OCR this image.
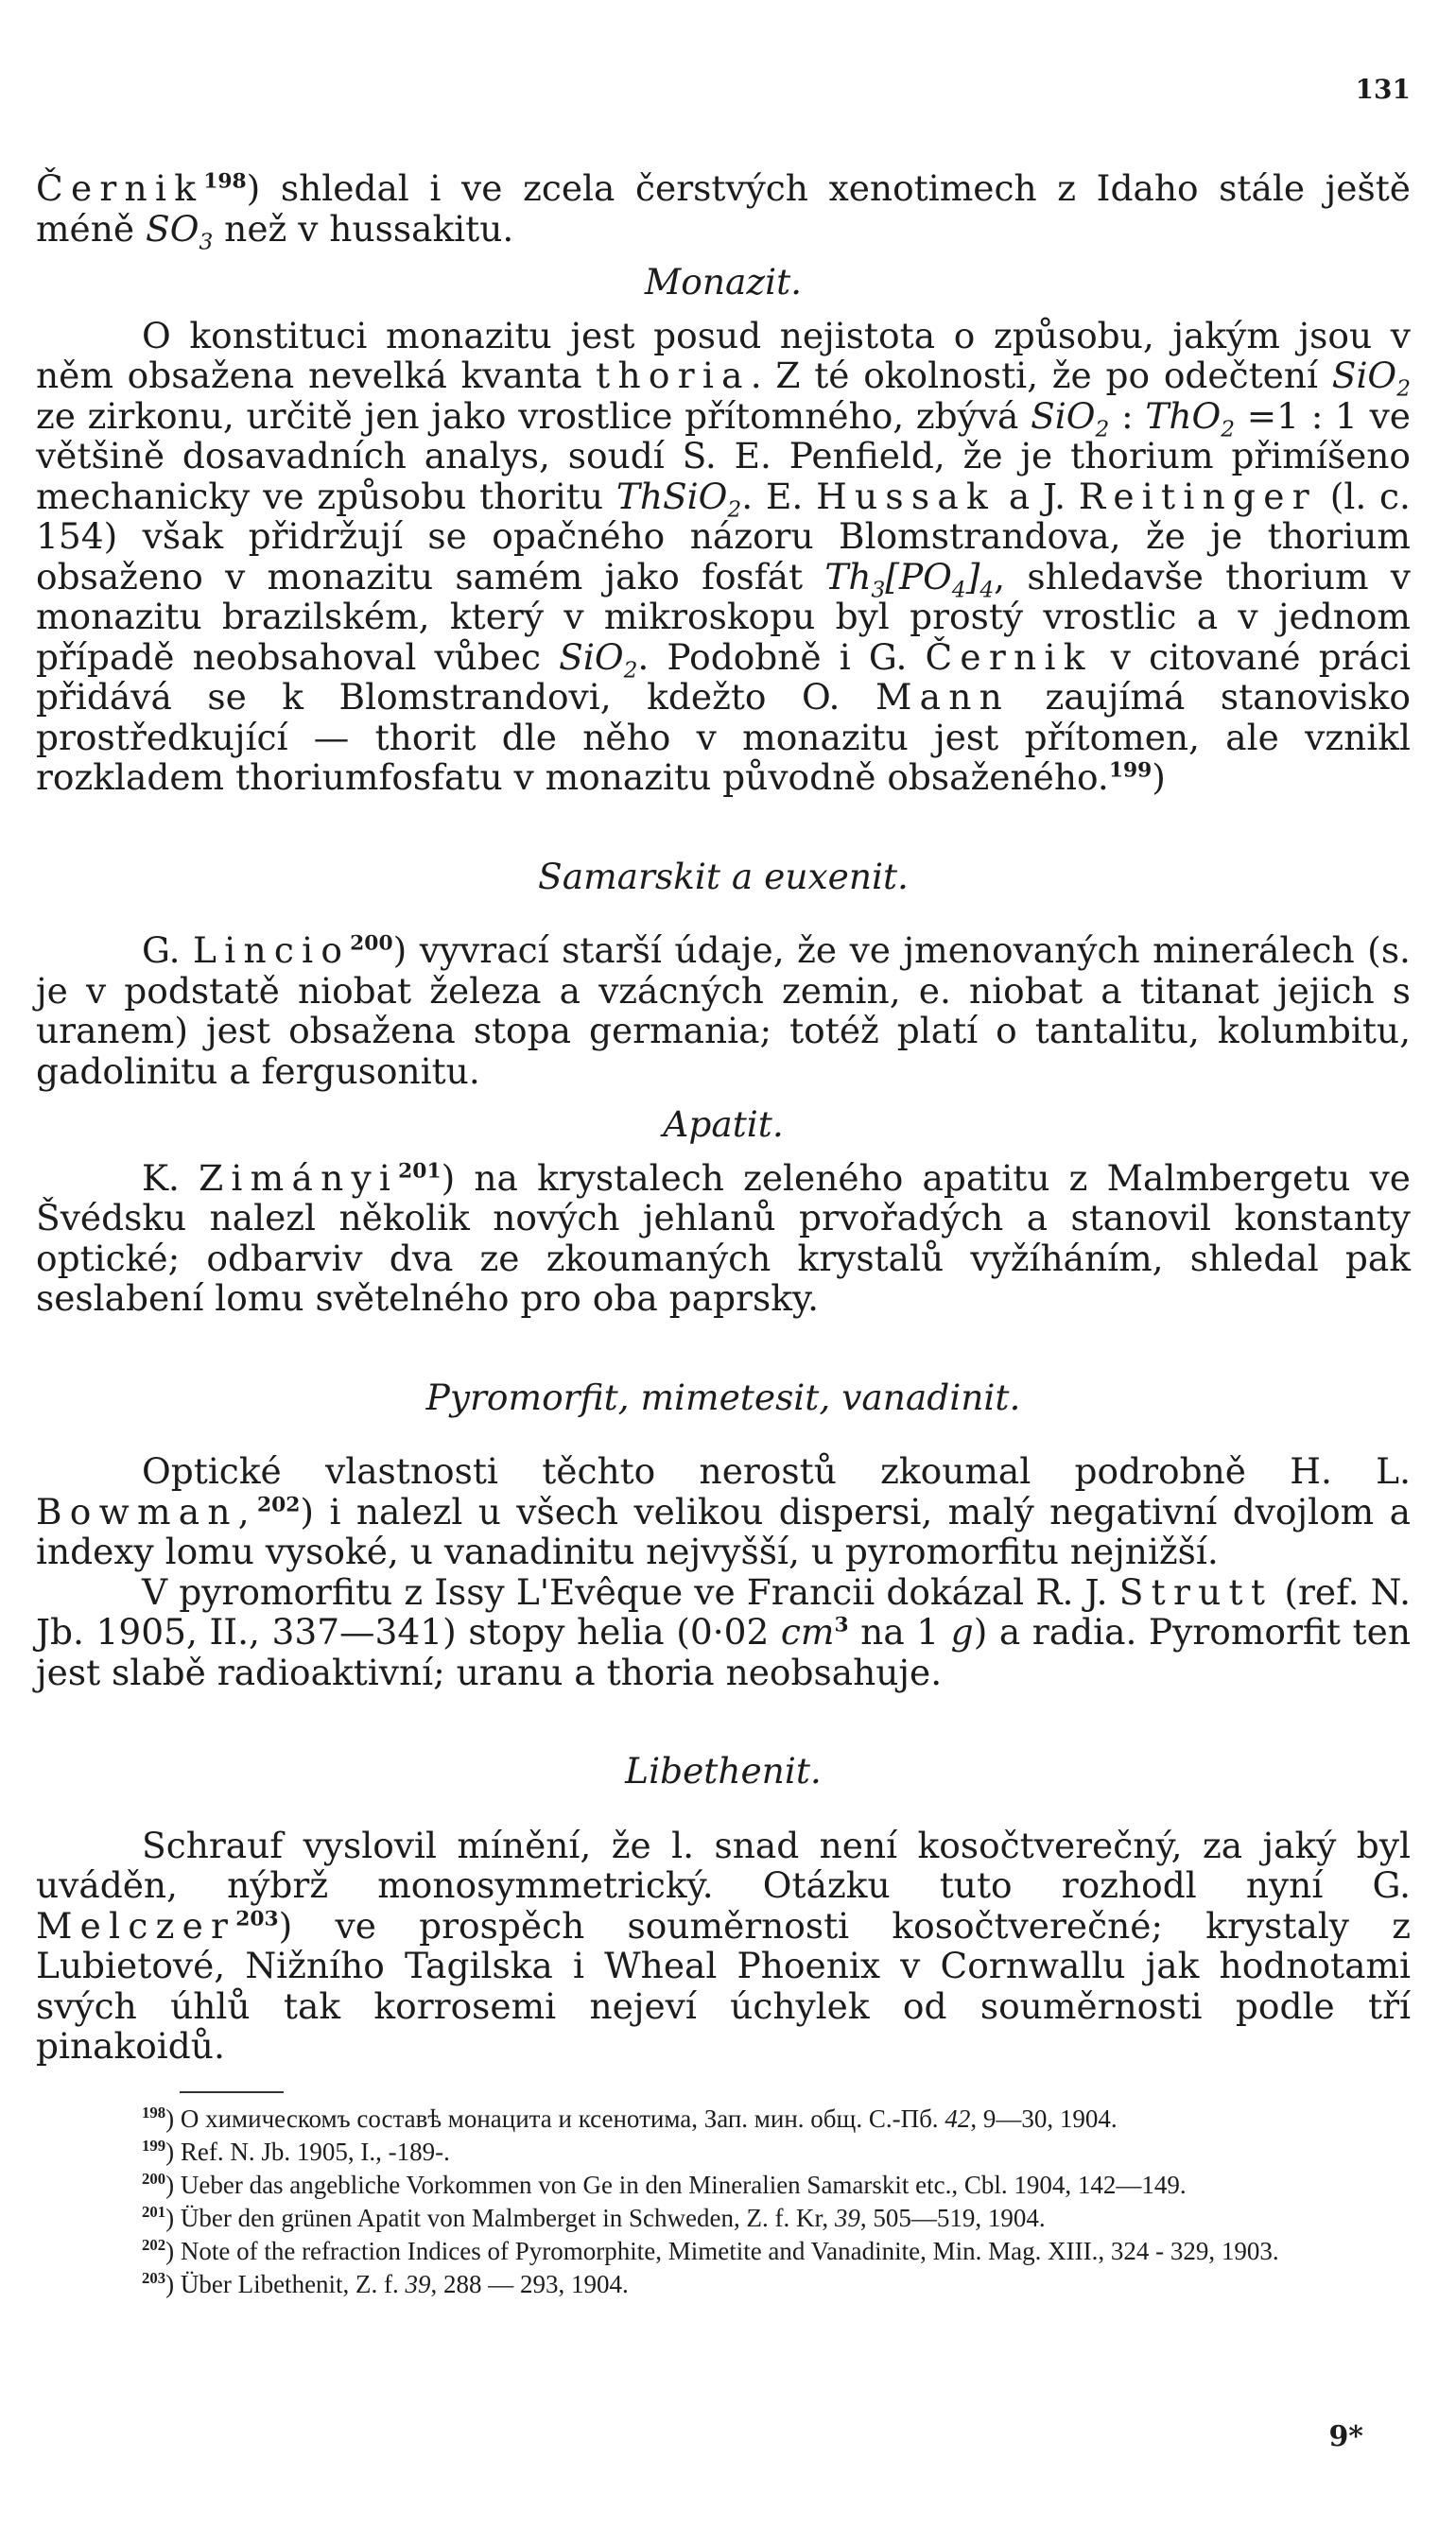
131

Černik$^{198}$) shledal i ve zcela čerstvých xenotimech z Idaho stále ještě méně $SO_3$ než v hussakitu.

Monazit.

O konstituci monazitu jest posud nejistota o způsobu, jakým jsou v něm obsažena nevelká kvanta thoria. Z té okolnosti, že po odečtení SiO$_2$ ze zirkonu, určitě jen jako vrostlice přítomného, zbývá SiO$_2$ : ThO$_2$ =1 : 1 ve většině dosavadních analys, soudí S. E. Penfield, že je thorium přimíšeno mechanicky ve způsobu thoritu ThSiO$_2$. E. Hussak a J. Reitinger (l. c. 154) však přidržují se opačného názoru Blomstrandova, že je thorium obsaženo v monazitu samém jako fosfát $Th_3[PO_4]_4$, shledavše thorium v monazitu brazilském, který v mikroskopu byl prostý vrostlic a v jednom případě neobsahoval vůbec SiO$_2$. Podobně i G. Černik v citované práci přidává se k Blomstrandovi, kdežto O. Mann zaujímá stanovisko prostředkující — thorit dle něho v monazitu jest přítomen, ale vznikl rozkladem thoriumfosfatu v monazitu původně obsaženého.$^{199}$)

Samarskit a euxenit.

G. Lincio$^{200}$) vyvrací starší údaje, že ve jmenovaných minerálech (s. je v podstatě niobat železa a vzácných zemin, e. niobat a titanat jejich s uranem) jest obsažena stopa germania; totéž platí o tantalitu, kolumbitu, gadolinitu a fergusonitu.

Apatit.

K. Zimányi$^{201}$) na krystalech zeleného apatitu z Malmbergetu ve Švédsku nalezl několik nových jehlanů prvořadých a stanovil konstanty optické; odbarviv dva ze zkoumaných krystalů vyžíháním, shledal pak seslabení lomu světelného pro oba paprsky.

Pyromorfit, mimetesit, vanadinit.

Optické vlastnosti těchto nerostů zkoumal podrobně H. L. Bowman,$^{202}$) i nalezl u všech velikou dispersi, malý negativní dvojlom a indexy lomu vysoké, u vanadinitu nejvyšší, u pyromorfitu nejnižší.

V pyromorfitu z Issy L'Evêque ve Francii dokázal R. J. Strutt (ref. N. Jb. 1905, II., 337—341) stopy helia (0·02 $cm^3$ na 1 g) a radia. Pyromorfit ten jest slabě radioaktivní; uranu a thoria neobsahuje.

Libethenit.

Schrauf vyslovil mínění, že l. snad není kosočtverečný, za jaký byl uváděn, nýbrž monosymmetrický. Otázku tuto rozhodl nyní G. Melczer$^{203}$) ve prospěch souměrnosti kosočtverečné; krystaly z Lubietové, Nižního Tagilska i Wheal Phoenix v Cornwallu jak hodnotami svých úhlů tak korrosemi nejeví úchylek od souměrnosti podle tří pinakoidů.

$^{198}$) О химическомъ составѣ монацита и ксенотима, Зап. мин. общ. С.-Пб. 42, 9—30, 1904.

$^{199}$) Ref. N. Jb. 1905, I., -189-.

$^{200}$) Ueber das angebliche Vorkommen von Ge in den Mineralien Samarskit etc., Cbl. 1904, 142—149.

$^{201}$) Über den grünen Apatit von Malmberget in Schweden, Z. f. Kr, 39, 505—519, 1904.

$^{202}$) Note of the refraction Indices of Pyromorphite, Mimetite and Vanadinite, Min. Mag. XIII., 324 - 329, 1903.

$^{203}$) Über Libethenit, Z. f. 39, 288 — 293, 1904.

9*
